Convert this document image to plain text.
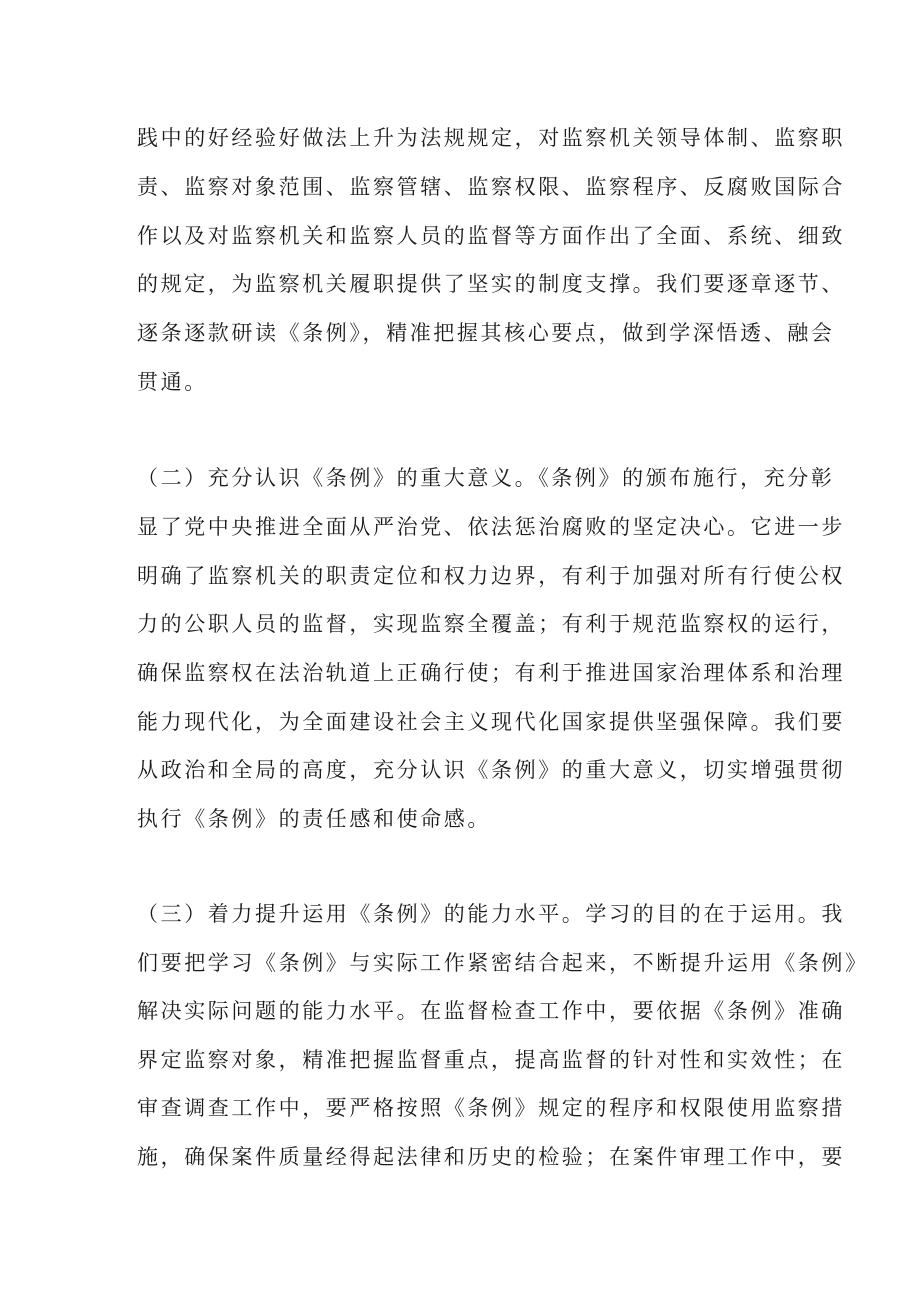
践中的好经验好做法上升为法规规定，对监察机关领导体制、监察职
责、监察对象范围、监察管辖、监察权限、监察程序、反腐败国际合
作以及对监察机关和监察人员的监督等方面作出了全面、系统、细致
的规定，为监察机关履职提供了坚实的制度支撑。我们要逐章逐节、
逐条逐款研读《条例》，精准把握其核心要点，做到学深悟透、融会
贯通。
（二）充分认识《条例》的重大意义。《条例》的颁布施行，充分彰
显了党中央推进全面从严治党、依法惩治腐败的坚定决心。它进一步
明确了监察机关的职责定位和权力边界，有利于加强对所有行使公权
力的公职人员的监督，实现监察全覆盖；有利于规范监察权的运行，
确保监察权在法治轨道上正确行使；有利于推进国家治理体系和治理
能力现代化，为全面建设社会主义现代化国家提供坚强保障。我们要
从政治和全局的高度，充分认识《条例》的重大意义，切实增强贯彻
执行《条例》的责任感和使命感。
（三）着力提升运用《条例》的能力水平。学习的目的在于运用。我
们要把学习《条例》与实际工作紧密结合起来，不断提升运用《条例》
解决实际问题的能力水平。在监督检查工作中，要依据《条例》准确
界定监察对象，精准把握监督重点，提高监督的针对性和实效性；在
审查调查工作中，要严格按照《条例》规定的程序和权限使用监察措
施，确保案件质量经得起法律和历史的检验；在案件审理工作中，要
